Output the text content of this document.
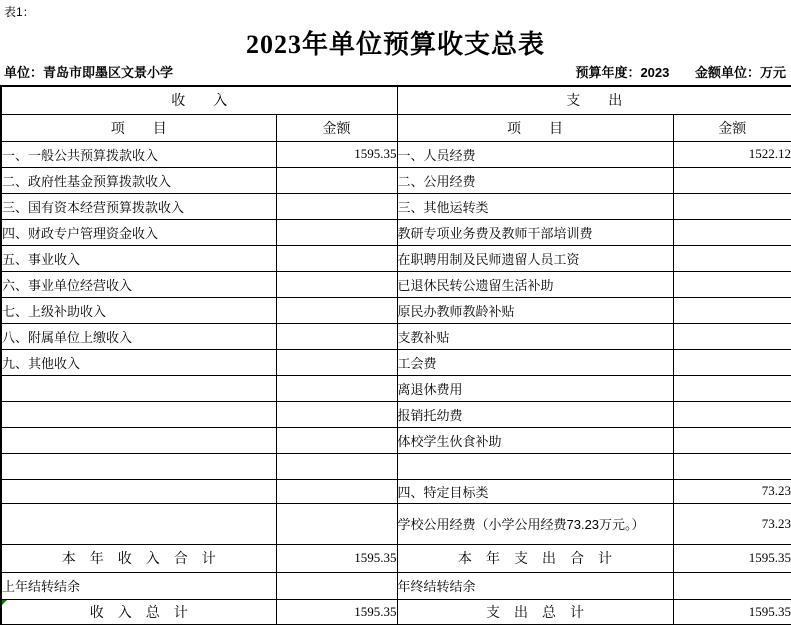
表1：
2023年单位预算收支总表
单位：青岛市即墨区文景小学	预算年度：2023 金额单位：万元
收　　入		支　　出	
项　　目	金额	项　　目	金额
一、一般公共预算拨款收入	1595.35	一、人员经费	1522.12
二、政府性基金预算拨款收入		二、公用经费	
三、国有资本经营预算拨款收入		三、其他运转类	
四、财政专户管理资金收入		教研专项业务费及教师干部培训费	
五、事业收入		在职聘用制及民师遗留人员工资	
六、事业单位经营收入		已退休民转公遗留生活补助	
七、上级补助收入		原民办教师教龄补贴	
八、附属单位上缴收入		支教补贴	
九、其他收入		工会费	
		离退休费用	
		报销托幼费	
		体校学生伙食补助	

		四、特定目标类	73.23
		学校公用经费（小学公用经费73.23万元。）	73.23
本　年　收　入　合　计	1595.35	本　年　支　出　合　计	1595.35
上年结转结余		年终结转结余	

收　入　总　计	1595.35	支　出　总　计	1595.35
